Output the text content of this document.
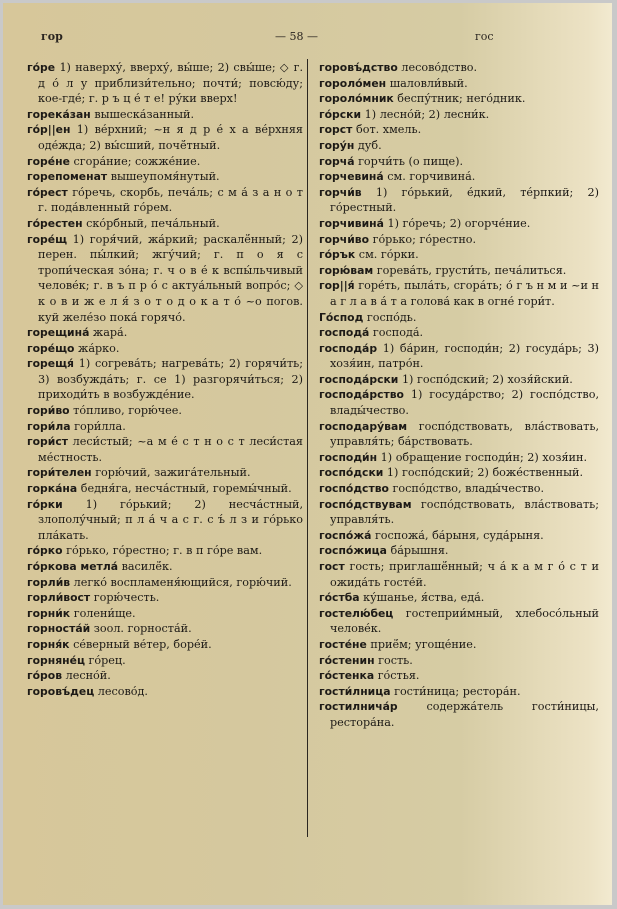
гор	— 58 —	гос
го́ре 1) наверху́, вверху́, вы́ше; 2) свы́ше; ◇ г. д о́ л у приблизи́тельно; почти́; повсю́ду; кое-где́; г. р ъ ц е́ т е! ру́ки вверх!
горека́зан вышеска́занный.
го́р||ен 1) ве́рхний; ~н я д р е́ х а ве́рхняя оде́жда; 2) вы́сший, почё́тный.
горе́не сгора́ние; сожже́ние.
горепоменат вышеупомя́нутый.
го́рест го́речь, скорбь, печа́ль; с м а́ з а н о т г. пода́вленный го́рем.
го́рестен ско́рбный, печа́льный.
горе́щ 1) горя́чий, жа́ркий; раскалё́нный; 2) перен. пы́лкий; жгу́чий; г. п о я с тропи́ческая зо́на; г. ч о в е́ к вспы́льчивый челове́к; г. в ъ п р о́ с актуа́льный вопро́с; ◇ к о в и ж е л я́ з о т о д о к а т о́ ~о погов. куй желе́зо пока́ горячо́.
горещина́ жара́.
горе́що жа́рко.
горещя́ 1) согрева́ть; нагрева́ть; 2) горячи́ть; 3) возбужда́ть; г. се 1) разгорячи́ться; 2) приходи́ть в возбужде́ние.
гори́во то́пливо, горю́чее.
гори́ла гори́лла.
гори́ст леси́стый; ~а м е́ с т н о с т леси́стая ме́стность.
гори́телен горю́чий, зажига́тельный.
горка́на бедня́га, несча́стный, горемы́чный.
го́рки 1) го́рький; 2) несча́стный, злополу́чный; п л а́ ч а с г. с ъ́ л з и го́рько пла́кать.
го́рко го́рько, го́рестно; г. в п го́ре вам.
го́ркова метла́ василё́к.
горли́в легко́ воспламеня́ющийся, горю́чий.
горли́вост горю́честь.
горни́к голени́ще.
горноста́й зоол. горноста́й.
горня́к се́верный ве́тер, боре́й.
горняне́ц го́рец.
го́ров лесно́й.
горовъ́дец лесово́д.
горовъ́дство лесово́дство.
гороло́мен шаловли́вый.
гороло́мник беспу́тник; него́дник.
го́рски 1) лесно́й; 2) лесни́к.
горст бот. хмель.
гору́н дуб.
горча́ горчи́ть (о пище).
горчевина́ см. горчивина́.
горчи́в 1) го́рький, е́дкий, те́рпкий; 2) го́рестный.
горчивина́ 1) го́речь; 2) огорче́ние.
горчи́во го́рько; го́рестно.
го́рък см. го́рки.
горю́вам горева́ть, грусти́ть, печа́литься.
гор||я́ горе́ть, пыла́ть, сгора́ть; о́ г ъ н м и ~и н а г л а в а́ т а голова́ как в огне́ гори́т.
Го́спод госпо́дь.
господа́ господа́.
господа́р 1) ба́рин, господи́н; 2) госуда́рь; 3) хозя́ин, патро́н.
господа́рски 1) госпо́дский; 2) хозя́йский.
господа́рство 1) госуда́рство; 2) госпо́дство, влады́чество.
господару́вам госпо́дствовать, вла́ствовать, управля́ть; ба́рствовать.
господи́н 1) обращение господи́н; 2) хозя́ин.
госпо́дски 1) госпо́дский; 2) боже́ственный.
госпо́дство госпо́дство, влады́чество.
госпо́дствувам госпо́дствовать, вла́ствовать; управля́ть.
госпо́жа́ госпожа́, ба́рыня, суда́рыня.
госпо́жица ба́рышня.
гост гость; приглашё́нный; ч а́ к а м г о́ с т и ожида́ть госте́й.
го́стба ку́шанье, я́ства, еда́.
гостелю́бец гостеприи́мный, хлебосо́льный челове́к.
госте́не приё́м; угоще́ние.
го́стенин гость.
го́стенка го́стья.
гости́лница гости́ница; рестора́н.
гостилнича́р	содержа́тель гости́ницы, рестора́на.
